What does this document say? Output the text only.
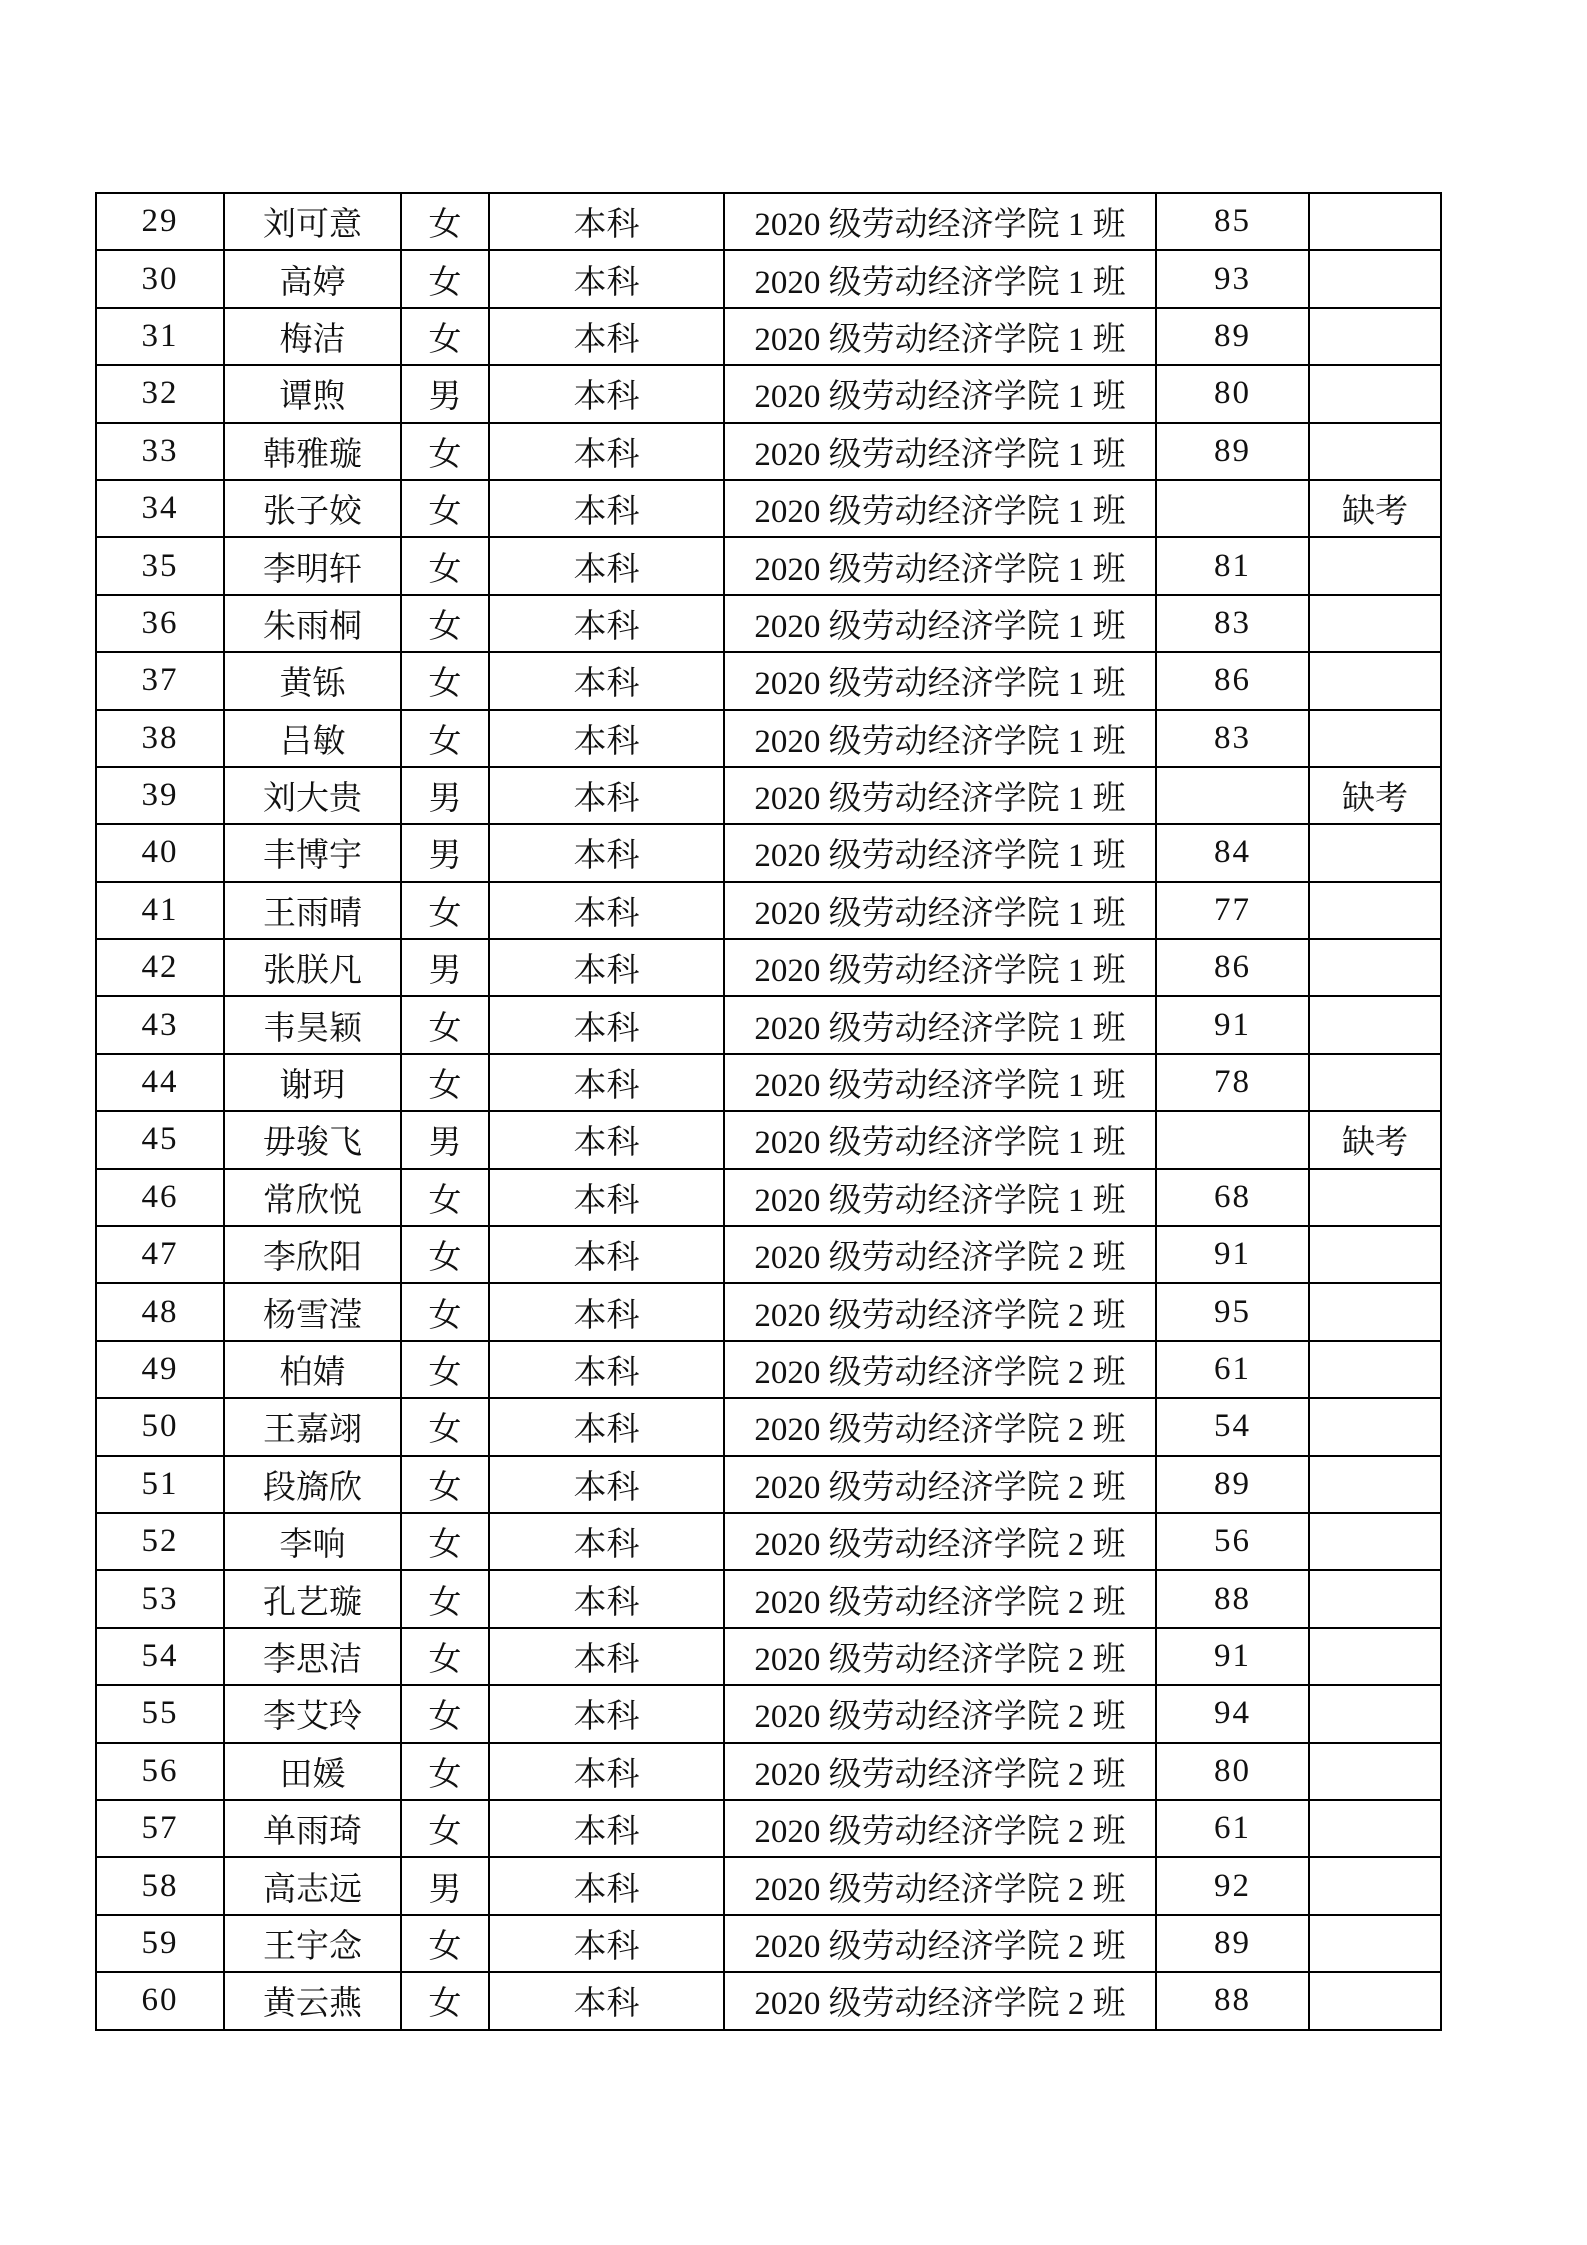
29	刘可意	女	本科	2020 级劳动经济学院 1 班	85	
30	高婷	女	本科	2020 级劳动经济学院 1 班	93	
31	梅洁	女	本科	2020 级劳动经济学院 1 班	89	
32	谭煦	男	本科	2020 级劳动经济学院 1 班	80	
33	韩雅璇	女	本科	2020 级劳动经济学院 1 班	89	
34	张子姣	女	本科	2020 级劳动经济学院 1 班		缺考
35	李明轩	女	本科	2020 级劳动经济学院 1 班	81	
36	朱雨桐	女	本科	2020 级劳动经济学院 1 班	83	
37	黄铄	女	本科	2020 级劳动经济学院 1 班	86	
38	吕敏	女	本科	2020 级劳动经济学院 1 班	83	
39	刘大贵	男	本科	2020 级劳动经济学院 1 班		缺考
40	丰博宇	男	本科	2020 级劳动经济学院 1 班	84	
41	王雨晴	女	本科	2020 级劳动经济学院 1 班	77	
42	张朕凡	男	本科	2020 级劳动经济学院 1 班	86	
43	韦昊颖	女	本科	2020 级劳动经济学院 1 班	91	
44	谢玥	女	本科	2020 级劳动经济学院 1 班	78	
45	毋骏飞	男	本科	2020 级劳动经济学院 1 班		缺考
46	常欣悦	女	本科	2020 级劳动经济学院 1 班	68	
47	李欣阳	女	本科	2020 级劳动经济学院 2 班	91	
48	杨雪滢	女	本科	2020 级劳动经济学院 2 班	95	
49	柏婧	女	本科	2020 级劳动经济学院 2 班	61	
50	王嘉翊	女	本科	2020 级劳动经济学院 2 班	54	
51	段旖欣	女	本科	2020 级劳动经济学院 2 班	89	
52	李响	女	本科	2020 级劳动经济学院 2 班	56	
53	孔艺璇	女	本科	2020 级劳动经济学院 2 班	88	
54	李思洁	女	本科	2020 级劳动经济学院 2 班	91	
55	李艾玲	女	本科	2020 级劳动经济学院 2 班	94	
56	田媛	女	本科	2020 级劳动经济学院 2 班	80	
57	单雨琦	女	本科	2020 级劳动经济学院 2 班	61	
58	高志远	男	本科	2020 级劳动经济学院 2 班	92	
59	王宇念	女	本科	2020 级劳动经济学院 2 班	89	
60	黄云燕	女	本科	2020 级劳动经济学院 2 班	88	
